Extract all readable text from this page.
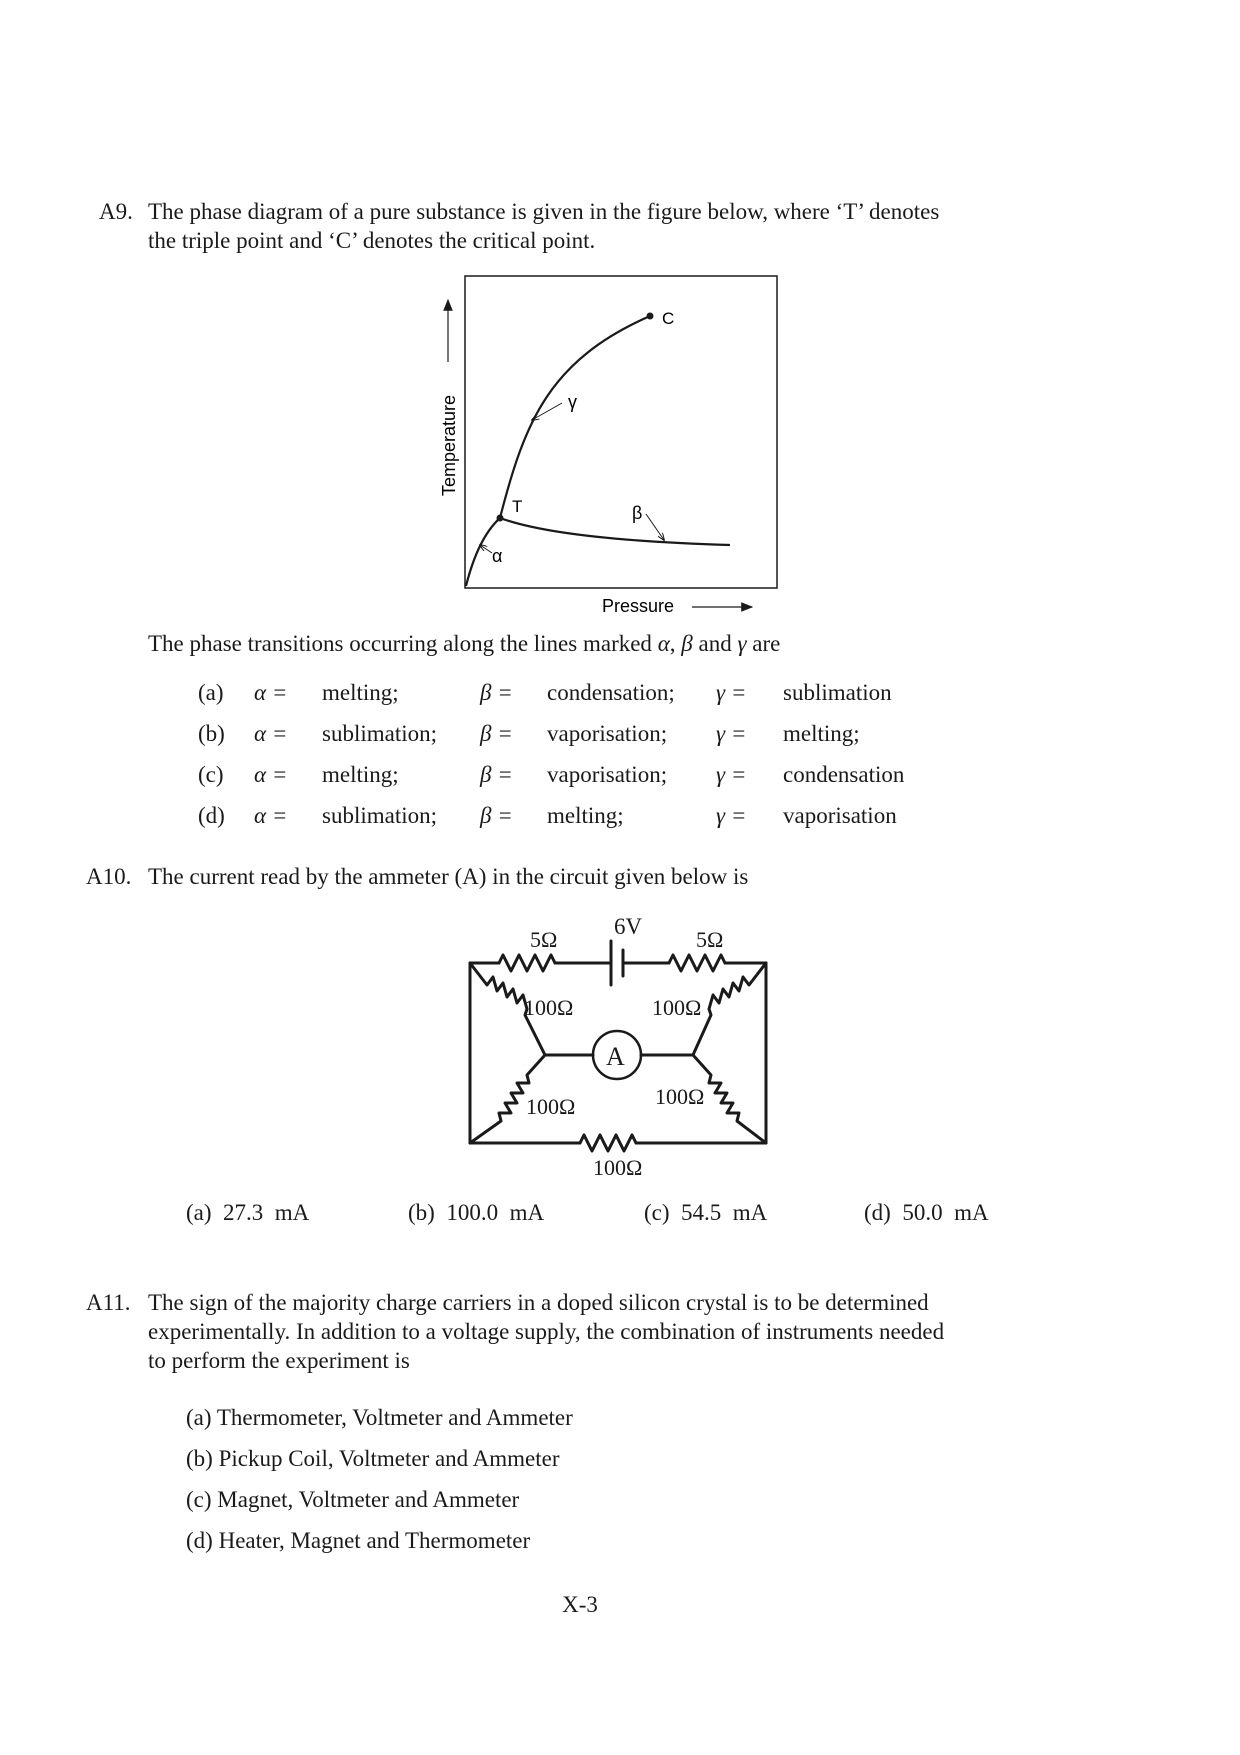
A9. The phase diagram of a pure substance is given in the figure below, where ‘T’ denotes
the triple point and ‘C’ denotes the critical point.
Temperature
Pressure
T
C
γ
β
α
The phase transitions occurring along the lines marked α, β and γ are
(a) α = melting;	β = condensation; γ = sublimation
(b) α = sublimation; β = vaporisation; γ = melting;
(c) α = melting;	β = vaporisation; γ = condensation
(d) α = sublimation; β = melting;	γ = vaporisation
A10. The current read by the ammeter (A) in the circuit given below is
A
6V
5Ω	5Ω
100Ω	100Ω
100Ω	100Ω
100Ω
(a) 27.3 mA	(b) 100.0 mA	(c) 54.5 mA	(d) 50.0 mA
A11. The sign of the majority charge carriers in a doped silicon crystal is to be determined
experimentally. In addition to a voltage supply, the combination of instruments needed
to perform the experiment is
(a) Thermometer, Voltmeter and Ammeter
(b) Pickup Coil, Voltmeter and Ammeter
(c) Magnet, Voltmeter and Ammeter
(d) Heater, Magnet and Thermometer
X-3
